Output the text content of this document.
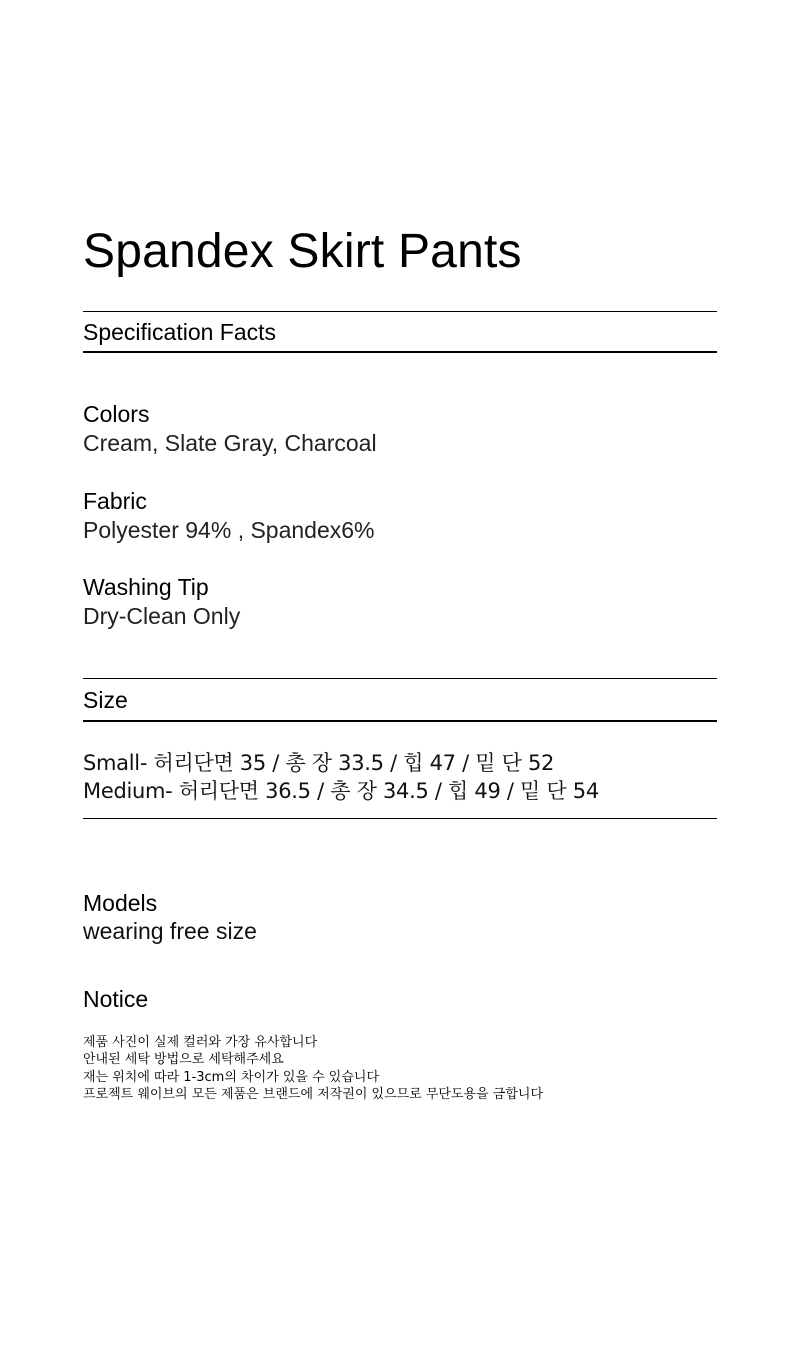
Spandex Skirt Pants
Specification Facts
Colors
Cream, Slate Gray, Charcoal
Fabric
Polyester 94% , Spandex6%
Washing Tip
Dry-Clean Only
Size
Small- 허리단면 35 / 총 장 33.5 / 힙 47 / 밑 단 52
Medium- 허리단면 36.5 / 총 장 34.5 / 힙 49 / 밑 단 54
Models
wearing free size
Notice
제품 사진이 실제 컬러와 가장 유사합니다
안내된 세탁 방법으로 세탁해주세요
재는 위치에 따라 1-3cm의 차이가 있을 수 있습니다
프로젝트 웨이브의 모든 제품은 브랜드에 저작권이 있으므로 무단도용을 금합니다
